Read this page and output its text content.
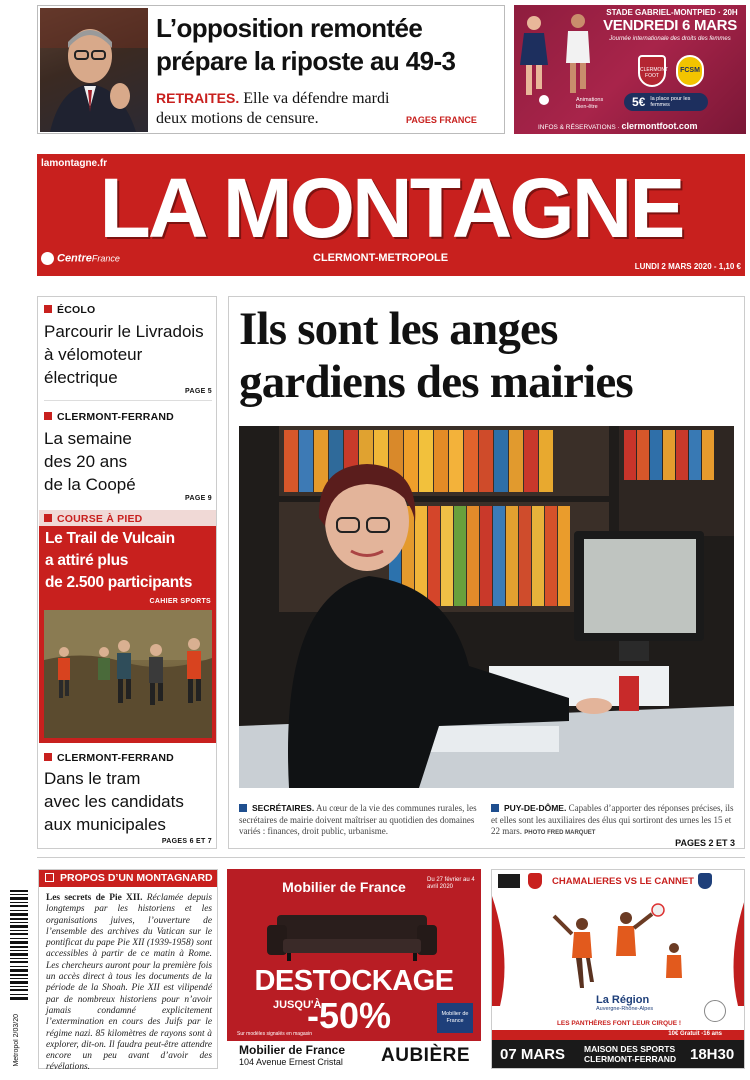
L’opposition remontée
prépare la riposte au 49-3
RETRAITES. Elle va défendre mardi
deux motions de censure.	PAGES FRANCE
STADE GABRIEL-MONTPIED · 20H
VENDREDI 6 MARS
Journée internationale des droits des femmes
CLERMONT FOOT
FCSM
Animations bien-être	5€ la place pour les femmes
INFOS & RÉSERVATIONS · clermontfoot.com
lamontagne.fr
LA MONTAGNE
CentreFrance	CLERMONT-METROPOLE
LUNDI 2 MARS 2020 - 1,10 €
ÉCOLO
Parcourir le Livradois
à vélomoteur
électrique
PAGE 5
CLERMONT-FERRAND
La semaine
des 20 ans
de la Coopé
PAGE 9
COURSE À PIED
Le Trail de Vulcain
a attiré plus
de 2.500 participants
CAHIER SPORTS
CLERMONT-FERRAND
Dans le tram
avec les candidats
aux municipales
PAGES 6 ET 7
Ils sont les anges
gardiens des mairies
SECRÉTAIRES. Au cœur de la vie des communes rurales, les secrétaires de mairie doivent maîtriser au quotidien des domaines variés : finances, droit public, urbanisme.
PUY-DE-DÔME. Capables d’apporter des réponses précises, ils et elles sont les auxiliaires des élus qui sortiront des urnes les 15 et 22 mars. PHOTO FRED MARQUET
PAGES 2 ET 3
Metropol 2/03/20
PROPOS D’UN MONTAGNARD
Les secrets de Pie XII. Réclamée depuis longtemps par les historiens et les organisations juives, l’ouverture de l’ensemble des archives du Vatican sur le pontificat du pape Pie XII (1939-1958) sont accessibles à partir de ce matin à Rome. Les chercheurs auront pour la première fois un accès direct à tous les documents de la période de la Shoah. Pie XII est vilipendé par de nombreux historiens pour n’avoir jamais condamné explicitement l’extermination en cours des Juifs par le régime nazi. 85 kilomètres de rayons sont à explorer, dit-on. Il faudra peut-être attendre encore un peu avant d’avoir des révélations.
Mobilier de France	Du 27 février au 4 avril 2020
DESTOCKAGE
JUSQU'À
-50%
Sur modèles signalés en magasin
Mobilier de France
Mobilier de France
104 Avenue Ernest Cristal AUBIÈRE
CHAMALIERES VS LE CANNET
La Région
Auvergne-Rhône-Alpes
LES PANTHÈRES FONT LEUR CIRQUE !
10€ Gratuit -16 ans
07 MARS MAISON DES SPORTS
CLERMONT-FERRAND 18H30
